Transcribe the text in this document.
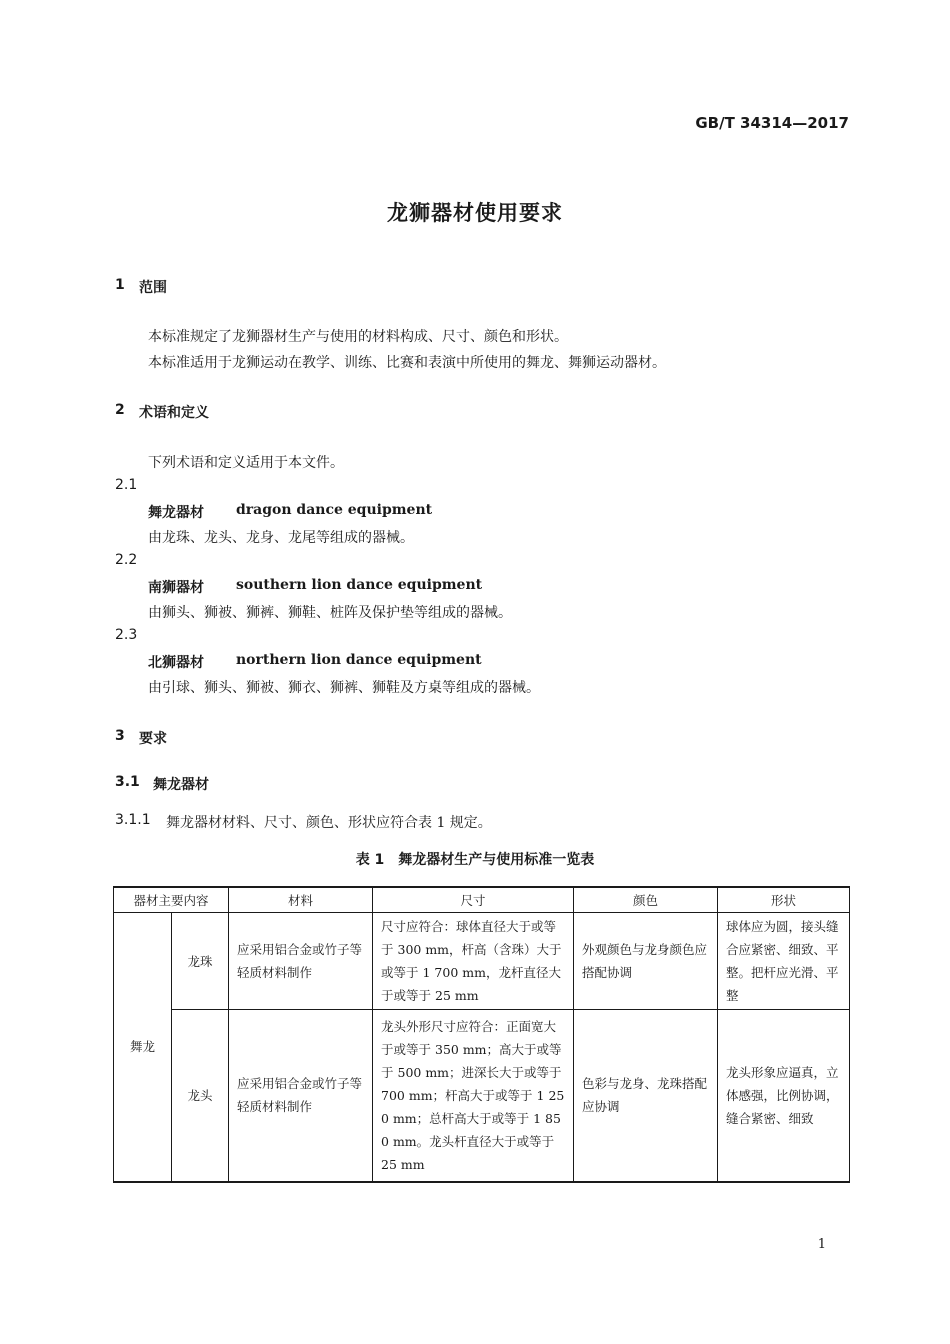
GB/T 34314—2017
龙狮器材使用要求
1 范围
本标准规定了龙狮器材生产与使用的材料构成、尺寸、颜色和形状。
本标准适用于龙狮运动在教学、训练、比赛和表演中所使用的舞龙、舞狮运动器材。
2 术语和定义
下列术语和定义适用于本文件。
2.1
舞龙器材 dragon dance equipment
由龙珠、龙头、龙身、龙尾等组成的器械。
2.2
南狮器材 southern lion dance equipment
由狮头、狮被、狮裤、狮鞋、桩阵及保护垫等组成的器械。
2.3
北狮器材 northern lion dance equipment
由引球、狮头、狮被、狮衣、狮裤、狮鞋及方桌等组成的器械。
3 要求
3.1 舞龙器材
3.1.1 舞龙器材材料、尺寸、颜色、形状应符合表 1 规定。
表 1　舞龙器材生产与使用标准一览表
器材主要内容		材料	尺寸	颜色	形状
舞龙	龙珠	应采用铝合金或竹子等轻质材料制作	尺寸应符合：球体直径大于或等于 300 mm，杆高（含珠）大于或等于 1 700 mm，龙杆直径大于或等于 25 mm	外观颜色与龙身颜色应搭配协调	球体应为圆，接头缝合应紧密、细致、平整。把杆应光滑、平整
	龙头	应采用铝合金或竹子等轻质材料制作	龙头外形尺寸应符合：正面宽大于或等于 350 mm；高大于或等于 500 mm；进深长大于或等于 700 mm；杆高大于或等于 1 250 mm；总杆高大于或等于 1 850 mm。龙头杆直径大于或等于 25 mm	色彩与龙身、龙珠搭配应协调	龙头形象应逼真，立体感强，比例协调，缝合紧密、细致
1
